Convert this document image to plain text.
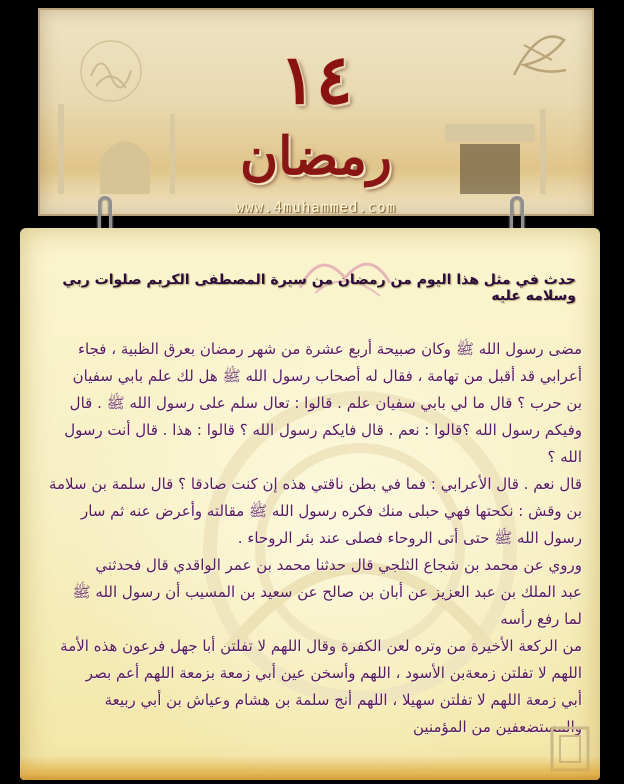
١٤
رمضان
www.4muhammed.com
حدث في مثل هذا اليوم من رمضان من سيرة المصطفى الكريم صلوات ربي وسلامه عليه

مضى رسول الله ﷺ وكان صبيحة أربع عشرة من شهر رمضان بعرق الظبية ، فجاء

أعرابي قد أقبل من تهامة ، فقال له أصحاب رسول الله ﷺ هل لك علم بابي سفيان

بن حرب ؟ قال ما لي بابي سفيان علم . قالوا : تعال سلم على رسول الله ﷺ . قال

وفيكم رسول الله ؟قالوا : نعم . قال فايكم رسول الله ؟ قالوا : هذا . قال أنت رسول الله ؟

قال نعم . قال الأعرابي : فما في بطن ناقتي هذه إن كنت صادقا ؟ قال سلمة بن سلامة

بن وقش : نكحتها فهي حبلى منك فكره رسول الله ﷺ مقالته وأعرض عنه ثم سار

رسول الله ﷺ حتى أتى الروحاء فصلى عند بئر الروحاء .

وروي عن محمد بن شجاع الثلجي قال حدثنا محمد بن عمر الواقدي قال فحدثني

عبد الملك بن عبد العزيز عن أبان بن صالح عن سعيد بن المسيب أن رسول الله ﷺ

لما رفع رأسه

من الركعة الأخيرة من وتره لعن الكفرة وقال اللهم لا تفلتن أبا جهل فرعون هذه الأمة

اللهم لا تفلتن زمعةبن الأسود ، اللهم وأسخن عين أبي زمعة بزمعة اللهم أعم بصر

أبي زمعة اللهم لا تفلتن سهيلا ، اللهم أنج سلمة بن هشام وعياش بن أبي ربيعة

والمستضعفين من المؤمنين
